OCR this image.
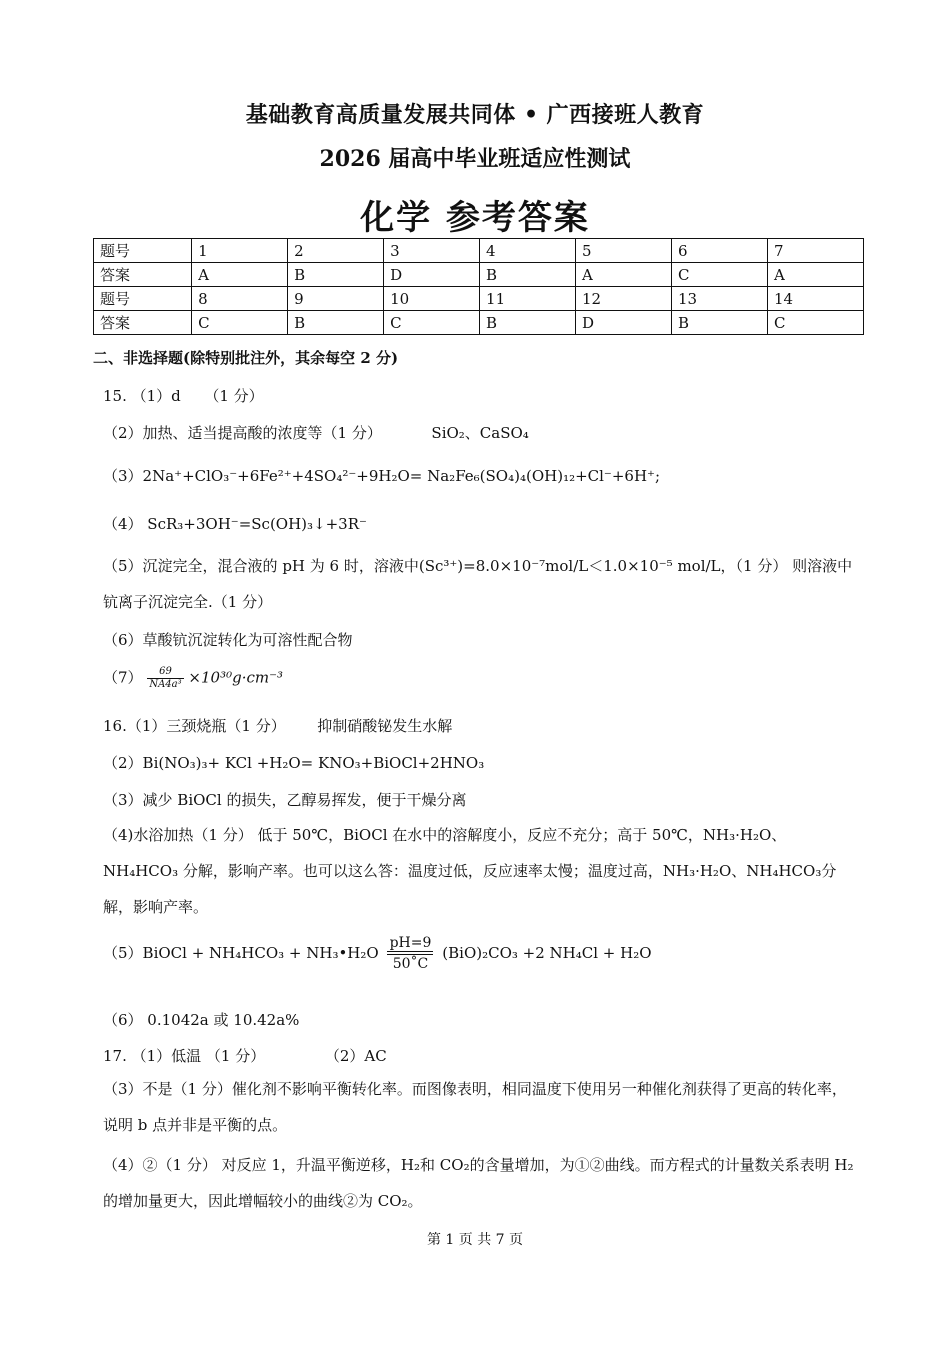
基础教育高质量发展共同体 • 广西接班人教育
2026 届高中毕业班适应性测试
化学 参考答案
题号	1	2	3	4	5	6	7
答案	A	B	D	B	A	C	A
题号	8	9	10	11	12	13	14
答案	C	B	C	B	D	B	C
二、非选择题(除特别批注外，其余每空 2 分)
15. （1）d （1 分）
（2）加热、适当提高酸的浓度等（1 分）	SiO₂、CaSO₄
（3）2Na⁺+ClO₃⁻+6Fe²⁺+4SO₄²⁻+9H₂O= Na₂Fe₆(SO₄)₄(OH)₁₂+Cl⁻+6H⁺;
（4） ScR₃+3OH⁻=Sc(OH)₃↓+3R⁻
（5）沉淀完全，混合液的 pH 为 6 时，溶液中(Sc³⁺)=8.0×10⁻⁷mol/L＜1.0×10⁻⁵ mol/L，（1 分） 则溶液中钪离子沉淀完全.（1 分）
（6）草酸钪沉淀转化为可溶性配合物
$(7) \frac{69}{\text{NA4a³}} \times 10^{30}g\cdot cm^{-3}$
16.（1）三颈烧瓶（1 分） 抑制硝酸铋发生水解
（2）Bi(NO₃)₃+ KCl +H₂O= KNO₃+BiOCl+2HNO₃
（3）减少 BiOCl 的损失，乙醇易挥发，便于干燥分离
（4)水浴加热（1 分） 低于 50℃，BiOCl 在水中的溶解度小，反应不充分；高于 50℃，NH₃·H₂O、NH₄HCO₃ 分解，影响产率。也可以这么答：温度过低，反应速率太慢；温度过高，NH₃·H₂O、NH₄HCO₃分解，影响产率。
（5）BiOCl + NH₄HCO₃ + NH₃•H₂O $\frac{pH=9}{50˚C} (BiO)_2CO_3 +2$ NH₄Cl + H₂O
（6） 0.1042a 或 10.42a%
17. （1）低温 （1 分）	（2）AC
（3）不是（1 分）催化剂不影响平衡转化率。而图像表明，相同温度下使用另一种催化剂获得了更高的转化率，说明 b 点并非是平衡的点。
（4）②（1 分） 对反应 1，升温平衡逆移，H₂和 CO₂的含量增加，为①②曲线。而方程式的计量数关系表明 H₂的增加量更大，因此增幅较小的曲线②为 CO₂。
第 1 页 共 7 页
